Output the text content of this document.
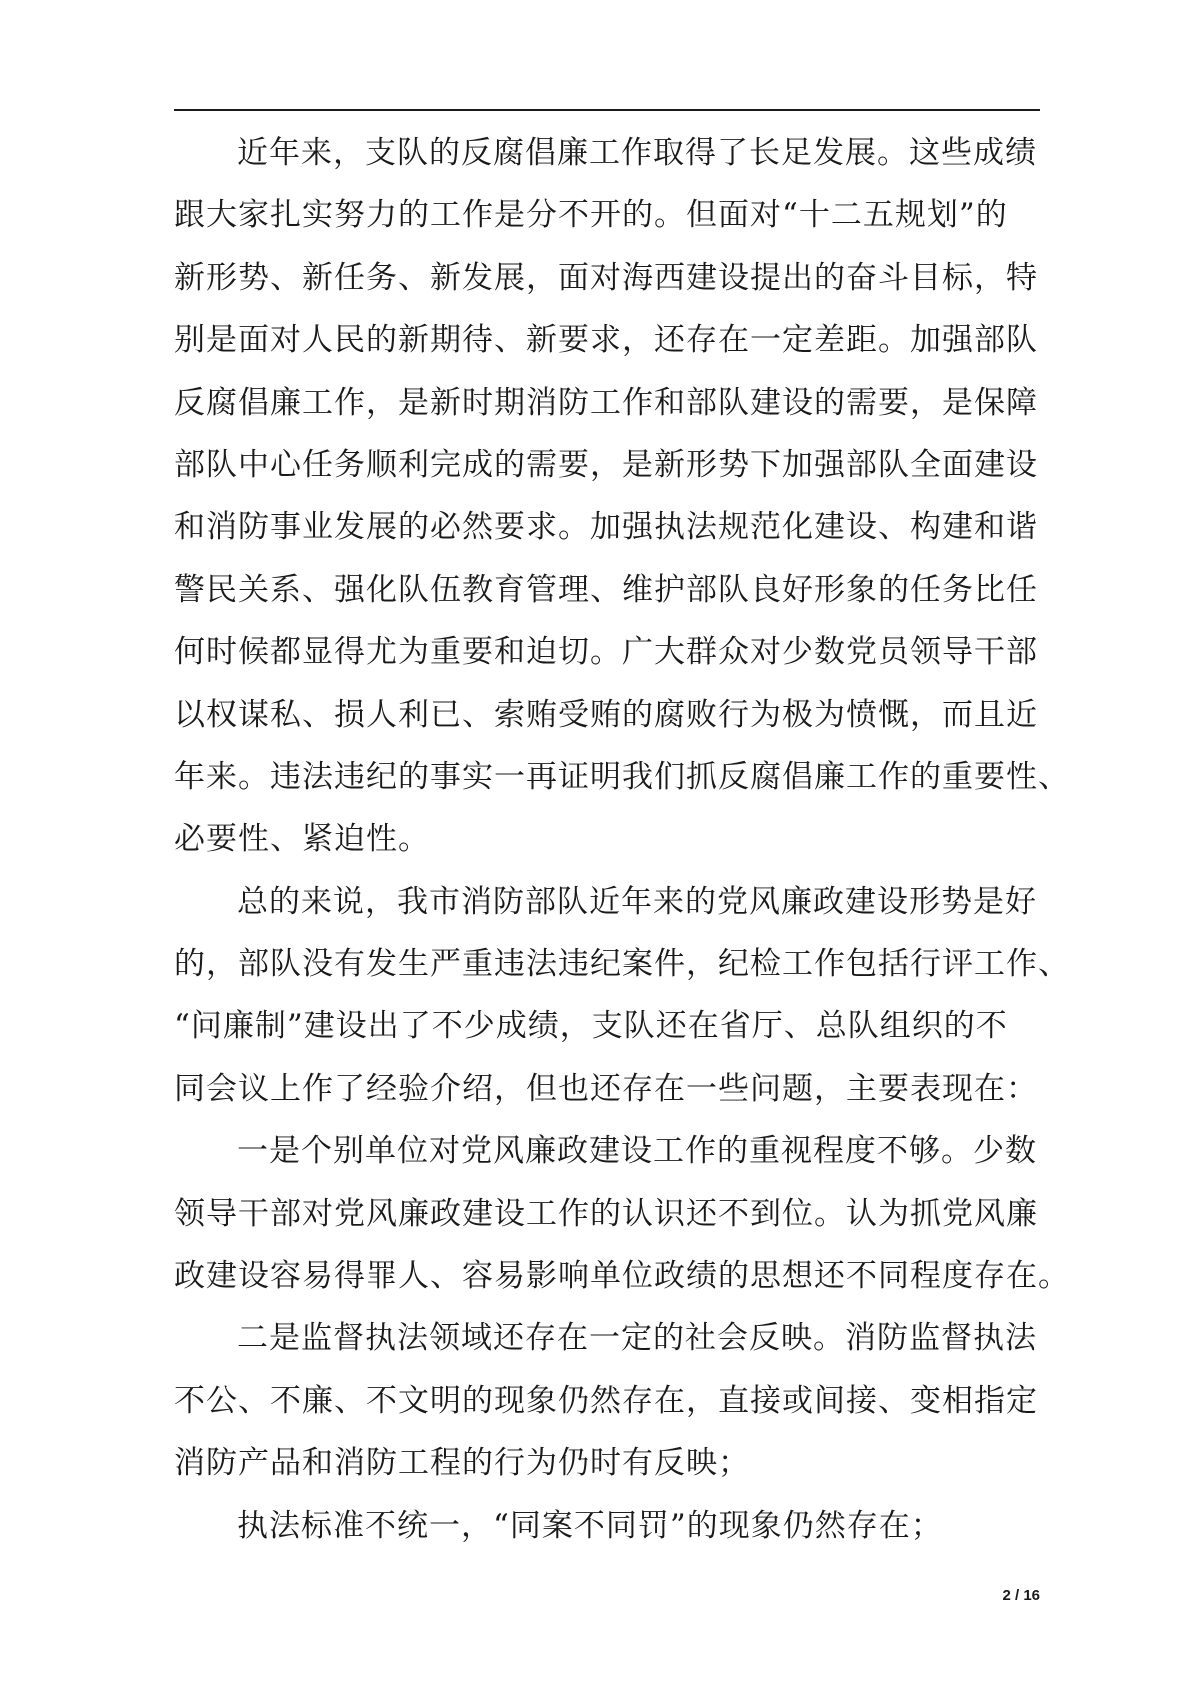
近年来，支队的反腐倡廉工作取得了长足发展。这些成绩
跟大家扎实努力的工作是分不开的。但面对“十二五规划”的
新形势、新任务、新发展，面对海西建设提出的奋斗目标，特
别是面对人民的新期待、新要求，还存在一定差距。加强部队
反腐倡廉工作，是新时期消防工作和部队建设的需要，是保障
部队中心任务顺利完成的需要，是新形势下加强部队全面建设
和消防事业发展的必然要求。加强执法规范化建设、构建和谐
警民关系、强化队伍教育管理、维护部队良好形象的任务比任
何时候都显得尤为重要和迫切。广大群众对少数党员领导干部
以权谋私、损人利已、索贿受贿的腐败行为极为愤慨，而且近
年来。违法违纪的事实一再证明我们抓反腐倡廉工作的重要性、
必要性、紧迫性。
总的来说，我市消防部队近年来的党风廉政建设形势是好
的，部队没有发生严重违法违纪案件，纪检工作包括行评工作、
“问廉制”建设出了不少成绩，支队还在省厅、总队组织的不
同会议上作了经验介绍，但也还存在一些问题，主要表现在：
一是个别单位对党风廉政建设工作的重视程度不够。少数
领导干部对党风廉政建设工作的认识还不到位。认为抓党风廉
政建设容易得罪人、容易影响单位政绩的思想还不同程度存在。
二是监督执法领域还存在一定的社会反映。消防监督执法
不公、不廉、不文明的现象仍然存在，直接或间接、变相指定
消防产品和消防工程的行为仍时有反映；
执法标准不统一，“同案不同罚”的现象仍然存在；
2 / 16
